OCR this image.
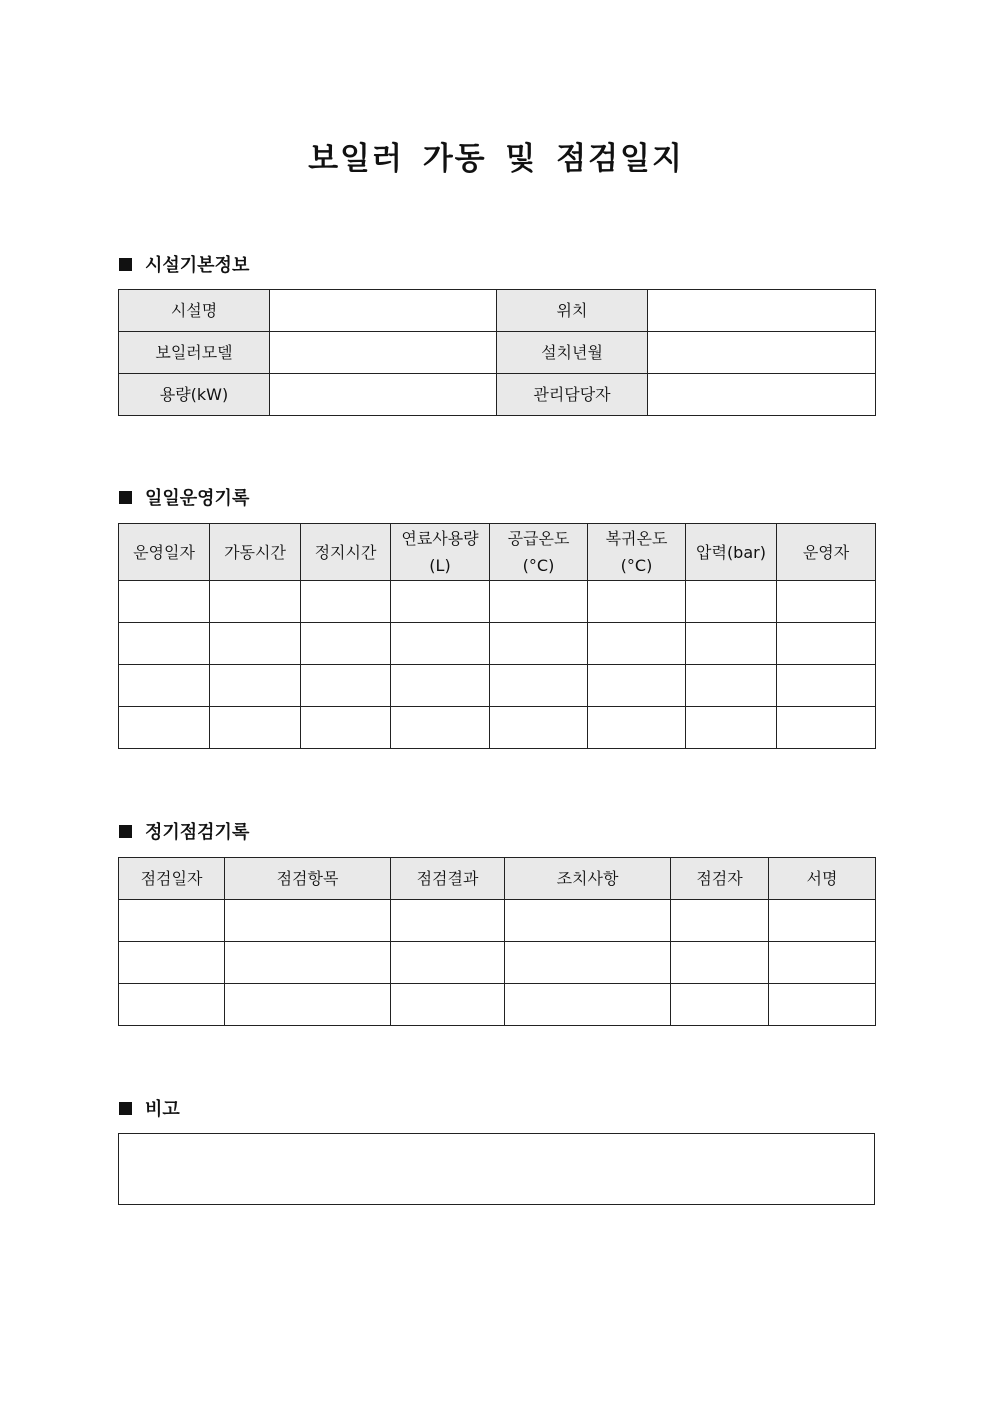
보일러 가동 및 점검일지
시설기본정보
시설명		위치	
보일러모델		설치년월	
용량(kW)		관리담당자	
일일운영기록
운영일자	가동시간	정지시간	연료사용량(L)	공급온도(°C)	복귀온도(°C)	압력(bar)	운영자

정기점검기록
점검일자	점검항목	점검결과	조치사항	점검자	서명

비고
